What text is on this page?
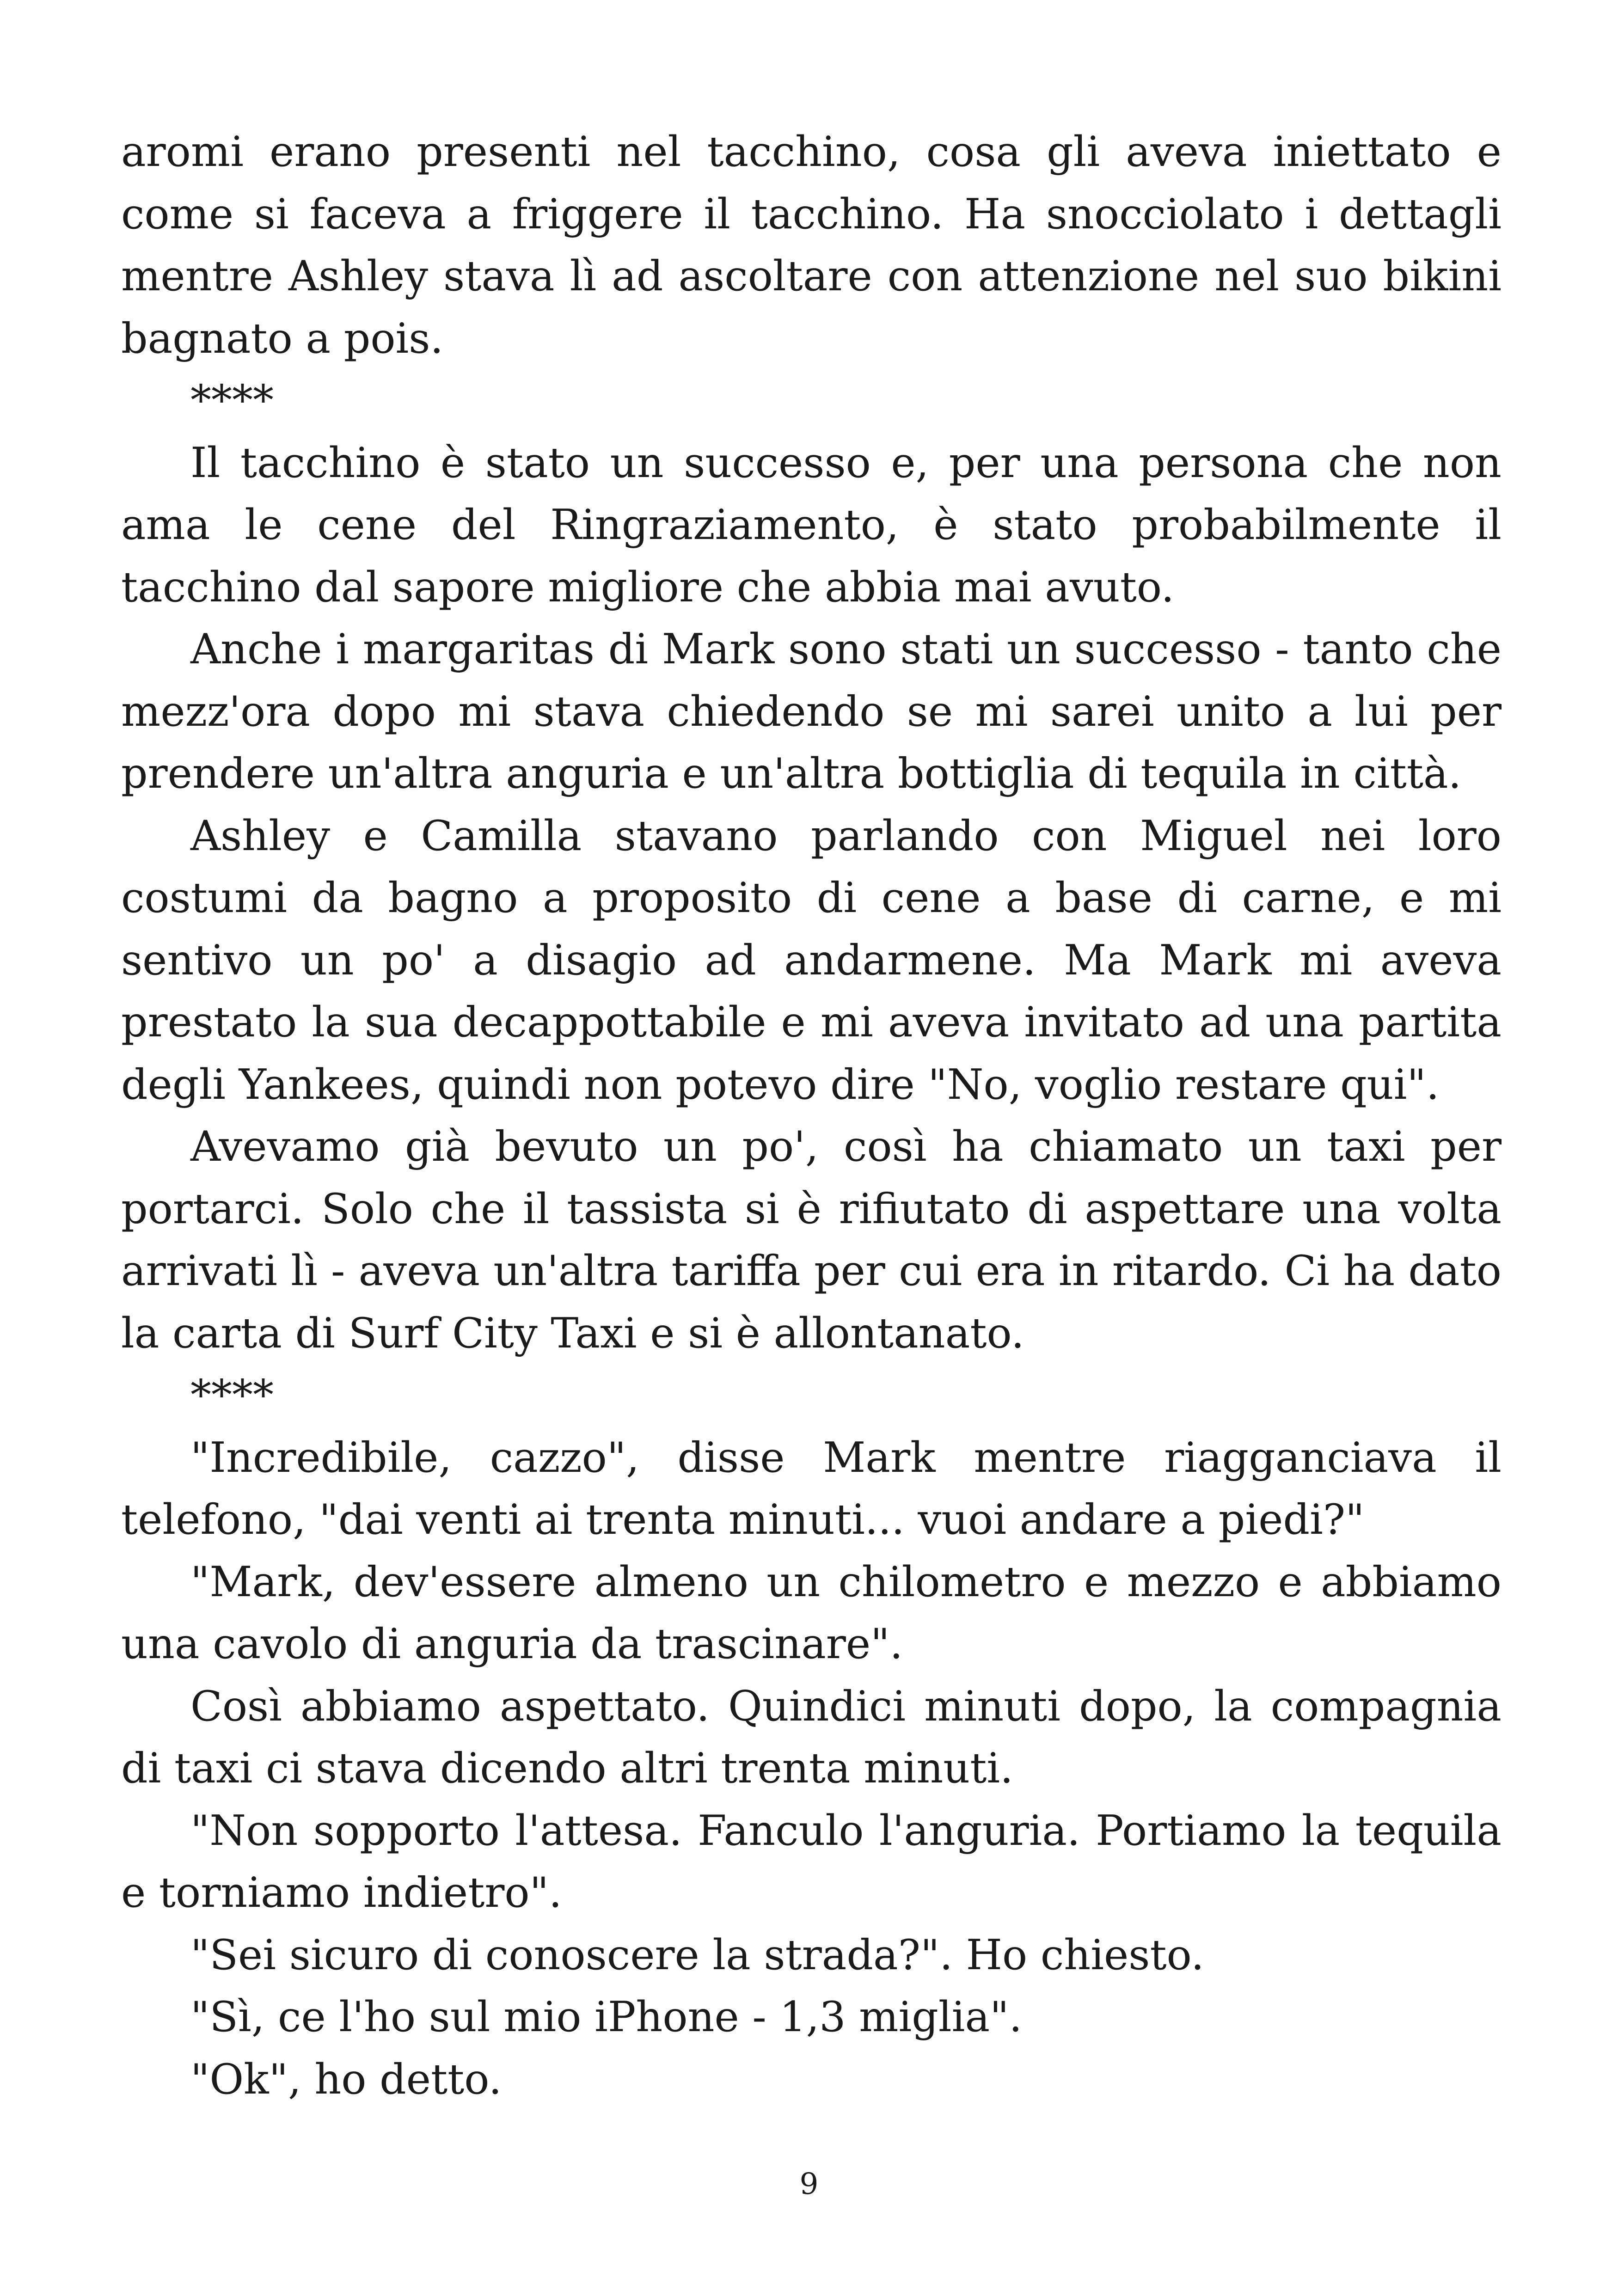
aromi erano presenti nel tacchino, cosa gli aveva iniettato e come si faceva a friggere il tacchino. Ha snocciolato i dettagli mentre Ashley stava lì ad ascoltare con attenzione nel suo bikini bagnato a pois.

****

Il tacchino è stato un successo e, per una persona che non ama le cene del Ringraziamento, è stato probabilmente il tacchino dal sapore migliore che abbia mai avuto.

Anche i margaritas di Mark sono stati un successo - tanto che mezz'ora dopo mi stava chiedendo se mi sarei unito a lui per prendere un'altra anguria e un'altra bottiglia di tequila in città.

Ashley e Camilla stavano parlando con Miguel nei loro costumi da bagno a proposito di cene a base di carne, e mi sentivo un po' a disagio ad andarmene. Ma Mark mi aveva prestato la sua decappottabile e mi aveva invitato ad una partita degli Yankees, quindi non potevo dire "No, voglio restare qui".

Avevamo già bevuto un po', così ha chiamato un taxi per portarci. Solo che il tassista si è rifiutato di aspettare una volta arrivati lì - aveva un'altra tariffa per cui era in ritardo. Ci ha dato la carta di Surf City Taxi e si è allontanato.

****

"Incredibile, cazzo", disse Mark mentre riagganciava il telefono, "dai venti ai trenta minuti... vuoi andare a piedi?"

"Mark, dev'essere almeno un chilometro e mezzo e abbiamo una cavolo di anguria da trascinare".

Così abbiamo aspettato. Quindici minuti dopo, la compagnia di taxi ci stava dicendo altri trenta minuti.

"Non sopporto l'attesa. Fanculo l'anguria. Portiamo la tequila e torniamo indietro".

"Sei sicuro di conoscere la strada?". Ho chiesto.

"Sì, ce l'ho sul mio iPhone - 1,3 miglia".

"Ok", ho detto.

9
